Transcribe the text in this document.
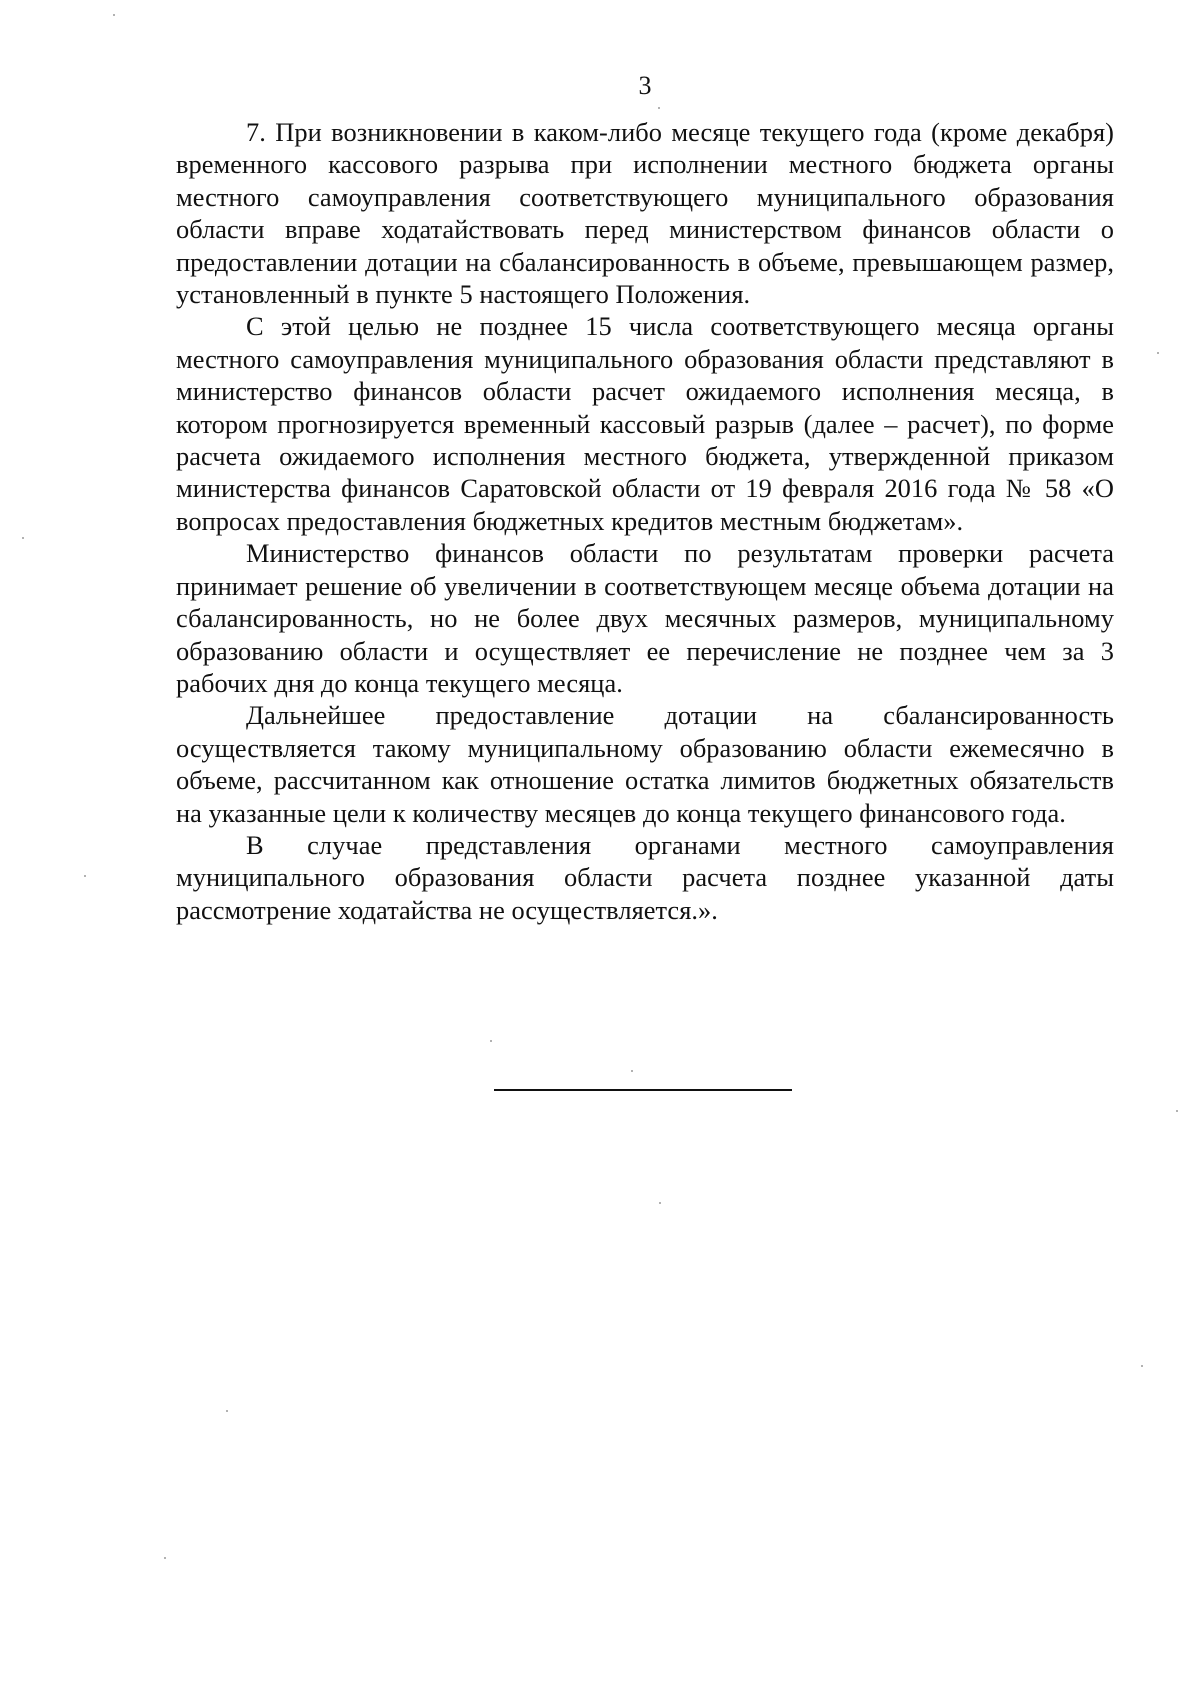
3

7. При возникновении в каком-либо месяце текущего года (кроме декабря) временного кассового разрыва при исполнении местного бюджета органы местного самоуправления соответствующего муниципального образования области вправе ходатайствовать перед министерством финансов области о предоставлении дотации на сбалансированность в объеме, превышающем размер, установленный в пункте 5 настоящего Положения.

С этой целью не позднее 15 числа соответствующего месяца органы местного самоуправления муниципального образования области представляют в министерство финансов области расчет ожидаемого исполнения месяца, в котором прогнозируется временный кассовый разрыв (далее – расчет), по форме расчета ожидаемого исполнения местного бюджета, утвержденной приказом министерства финансов Саратовской области от 19 февраля 2016 года № 58 «О вопросах предоставления бюджетных кредитов местным бюджетам».

Министерство финансов области по результатам проверки расчета принимает решение об увеличении в соответствующем месяце объема дотации на сбалансированность, но не более двух месячных размеров, муниципальному образованию области и осуществляет ее перечисление не позднее чем за 3 рабочих дня до конца текущего месяца.

Дальнейшее предоставление дотации на сбалансированность осуществляется такому муниципальному образованию области ежемесячно в объеме, рассчитанном как отношение остатка лимитов бюджетных обязательств на указанные цели к количеству месяцев до конца текущего финансового года.

В случае представления органами местного самоуправления муниципального образования области расчета позднее указанной даты рассмотрение ходатайства не осуществляется.».
